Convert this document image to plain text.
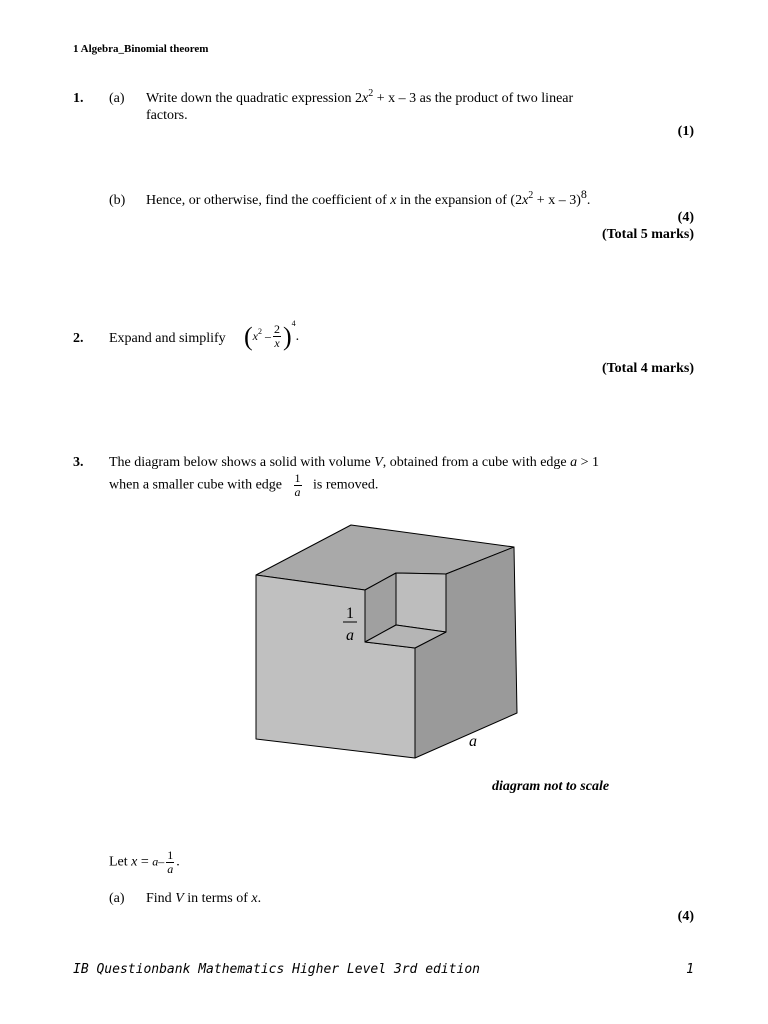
1 Algebra_Binomial theorem
1. (a) Write down the quadratic expression $2x^2 + x - 3$ as the product of two linear
factors.
(1)
(b) Hence, or otherwise, find the coefficient of x in the expansion of $(2x^2 + x - 3)^8$.
(4)
(Total 5 marks)
2. Expand and simplify $(x^2 - \frac{2}{x} )^4$.
(Total 4 marks)
3. The diagram below shows a solid with volume V, obtained from a cube with edge a > 1
when a smaller cube with edge $\frac{1}{a}$ is removed.
1
a
a
diagram not to scale
Let $x = a- \frac{1}{a}$ .
(a) Find V in terms of x.
(4)
IB Questionbank Mathematics Higher Level 3rd edition	1
